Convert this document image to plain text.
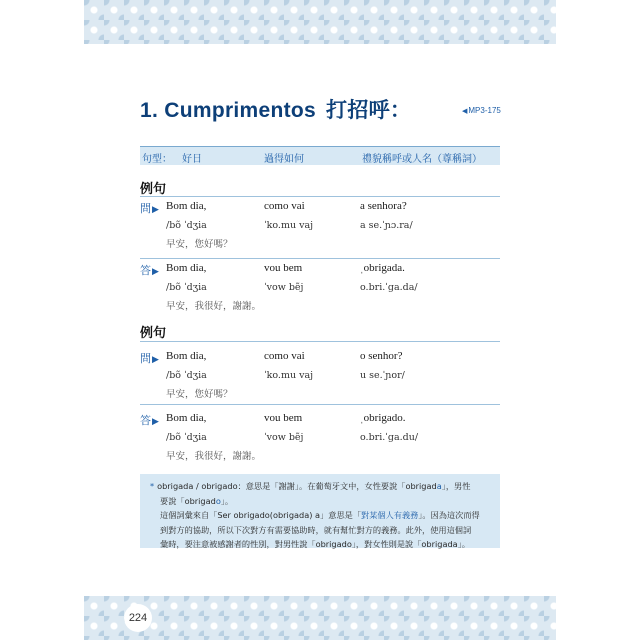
224
1. Cumprimentos 打招呼：	◀MP3-175
句型： 好日	過得如何	禮貌稱呼或人名（尊稱詞）
例句
問▶ Bom dia,	como vai	a senhora?
/bõ ˈdʒia	ˈko.mu vaj	a se.ˈɲɔ.ra/
早安，您好嗎？
答▶ Bom dia,	vou bem	ˌobrigada.
/bõ ˈdʒia	ˈvow bẽj	o.bri.ˈga.da/
早安，我很好，謝謝。
例句
問▶ Bom dia,	como vai	o senhor?
/bõ ˈdʒia	ˈko.mu vaj	u se.ˈɲor/
早安，您好嗎？
答▶ Bom dia,	vou bem	ˌobrigado.
/bõ ˈdʒia	ˈvow bẽj	o.bri.ˈga.du/
早安，我很好，謝謝。
* obrigada / obrigado：意思是「謝謝」。在葡萄牙文中，女性要說「obrigada」，男性
要說「obrigado」。
這個詞彙來自「Ser obrigado(obrigada) a」意思是「對某個人有義務」。因為這次而得
到對方的協助，所以下次對方有需要協助時，就有幫忙對方的義務。此外，使用這個詞
彙時，要注意被感謝者的性別，對男性說「obrigado」，對女性則是說「obrigada」。
